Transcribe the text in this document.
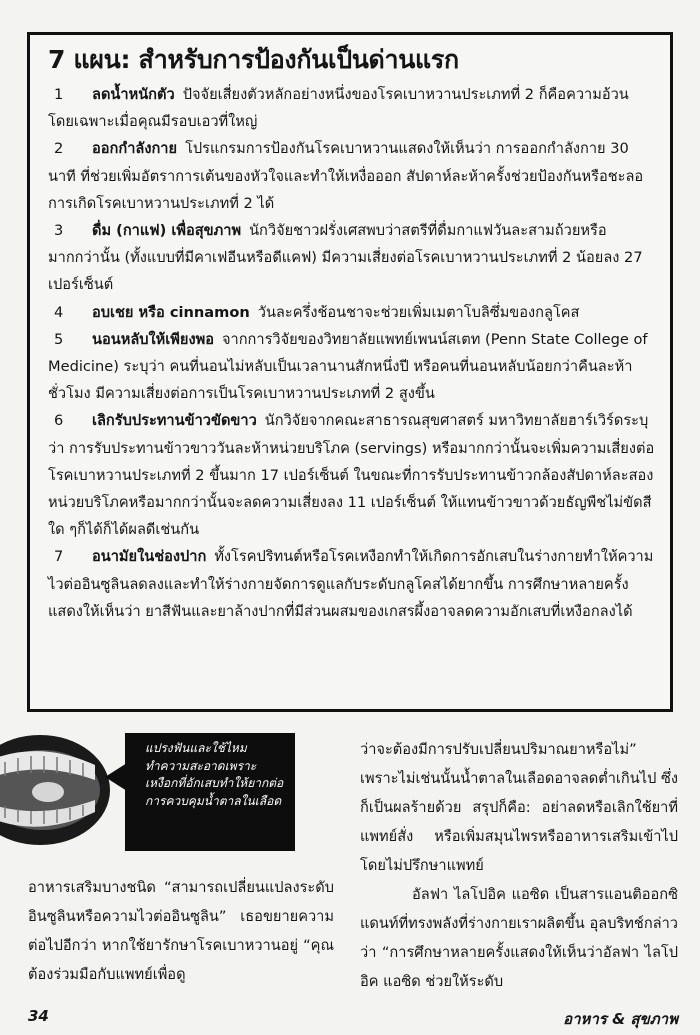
7 แผน: สำหรับการป้องกันเป็นด่านแรก

1 ลดน้ำหนักตัว ปัจจัยเสี่ยงตัวหลักอย่างหนึ่งของโรคเบาหวานประเภทที่ 2 ก็คือความอ้วน โดยเฉพาะเมื่อคุณมีรอบเอวที่ใหญ่

2 ออกกำลังกาย โปรแกรมการป้องกันโรคเบาหวานแสดงให้เห็นว่า การออกกำลังกาย 30 นาที ที่ช่วยเพิ่มอัตราการเต้นของหัวใจและทำให้เหงื่อออก สัปดาห์ละห้าครั้งช่วยป้องกันหรือชะลอการเกิดโรคเบาหวานประเภทที่ 2 ได้

3 ดื่ม (กาแฟ) เพื่อสุขภาพ นักวิจัยชาวฝรั่งเศสพบว่าสตรีที่ดื่มกาแฟวันละสามถ้วยหรือมากกว่านั้น (ทั้งแบบที่มีคาเฟอีนหรือดีแคฟ) มีความเสี่ยงต่อโรคเบาหวานประเภทที่ 2 น้อยลง 27 เปอร์เซ็นต์

4 อบเชย หรือ cinnamon วันละครึ่งช้อนชาจะช่วยเพิ่มเมตาโบลิซึ่มของกลูโคส

5 นอนหลับให้เพียงพอ จากการวิจัยของวิทยาลัยแพทย์เพนน์สเตท (Penn State College of Medicine) ระบุว่า คนที่นอนไม่หลับเป็นเวลานานสักหนึ่งปี หรือคนที่นอนหลับน้อยกว่าคืนละห้าชั่วโมง มีความเสี่ยงต่อการเป็นโรคเบาหวานประเภทที่ 2 สูงขึ้น

6 เลิกรับประทานข้าวขัดขาว นักวิจัยจากคณะสาธารณสุขศาสตร์ มหาวิทยาลัยฮาร์เวิร์ดระบุว่า การรับประทานข้าวขาววันละห้าหน่วยบริโภค (servings) หรือมากกว่านั้นจะเพิ่มความเสี่ยงต่อโรคเบาหวานประเภทที่ 2 ขึ้นมาก 17 เปอร์เซ็นต์ ในขณะที่การรับประทานข้าวกล้องสัปดาห์ละสองหน่วยบริโภคหรือมากกว่านั้นจะลดความเสี่ยงลง 11 เปอร์เซ็นต์ ให้แทนข้าวขาวด้วยธัญพืชไม่ขัดสีใด ๆก็ได้ก็ได้ผลดีเช่นกัน

7 อนามัยในช่องปาก ทั้งโรคปริทนต์หรือโรคเหงือกทำให้เกิดการอักเสบในร่างกายทำให้ความไวต่ออินซูลินลดลงและทำให้ร่างกายจัดการดูแลกับระดับกลูโคสได้ยากขึ้น การศึกษาหลายครั้งแสดงให้เห็นว่า ยาสีฟันและยาล้างปากที่มีส่วนผสมของเกสรผึ้งอาจลดความอักเสบที่เหงือกลงได้

แปรงฟันและใช้ไหมทำความสะอาดเพราะเหงือกที่อักเสบทำให้ยากต่อการควบคุมน้ำตาลในเลือด
อาหารเสริมบางชนิด “สามารถเปลี่ยนแปลงระดับอินซูลินหรือความไวต่ออินซูลิน” เธอขยายความต่อไปอีกว่า หากใช้ยารักษาโรคเบาหวานอยู่ “คุณต้องร่วมมือกับแพทย์เพื่อดู

ว่าจะต้องมีการปรับเปลี่ยนปริมาณยาหรือไม่” เพราะไม่เช่นนั้นน้ำตาลในเลือดอาจลดต่ำเกินไป ซึ่งก็เป็นผลร้ายด้วย สรุปก็คือ: อย่าลดหรือเลิกใช้ยาที่แพทย์สั่ง หรือเพิ่มสมุนไพรหรืออาหารเสริมเข้าไปโดยไม่ปรึกษาแพทย์

อัลฟา ไลโปอิค แอซิด เป็นสารแอนติออกซิแดนท์ที่ทรงพลังที่ร่างกายเราผลิตขึ้น อุลบริทช์กล่าวว่า “การศึกษาหลายครั้งแสดงให้เห็นว่าอัลฟา ไลโปอิค แอซิด ช่วยให้ระดับ

34	อาหาร & สุขภาพ
